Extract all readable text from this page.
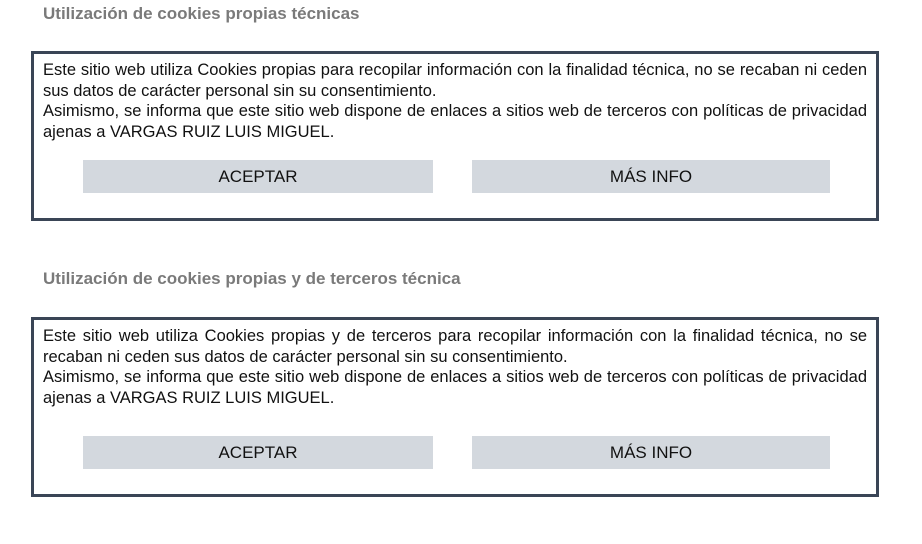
Utilización de cookies propias técnicas

Este sitio web utiliza Cookies propias para recopilar información con la finalidad técnica, no se recaban ni ceden sus datos de carácter personal sin su consentimiento.

Asimismo, se informa que este sitio web dispone de enlaces a sitios web de terceros con políticas de privacidad ajenas a VARGAS RUIZ LUIS MIGUEL.

ACEPTAR	MÁS INFO
Utilización de cookies propias y de terceros técnica

Este sitio web utiliza Cookies propias y de terceros para recopilar información con la finalidad técnica, no se recaban ni ceden sus datos de carácter personal sin su consentimiento.

Asimismo, se informa que este sitio web dispone de enlaces a sitios web de terceros con políticas de privacidad ajenas a VARGAS RUIZ LUIS MIGUEL.

ACEPTAR	MÁS INFO
